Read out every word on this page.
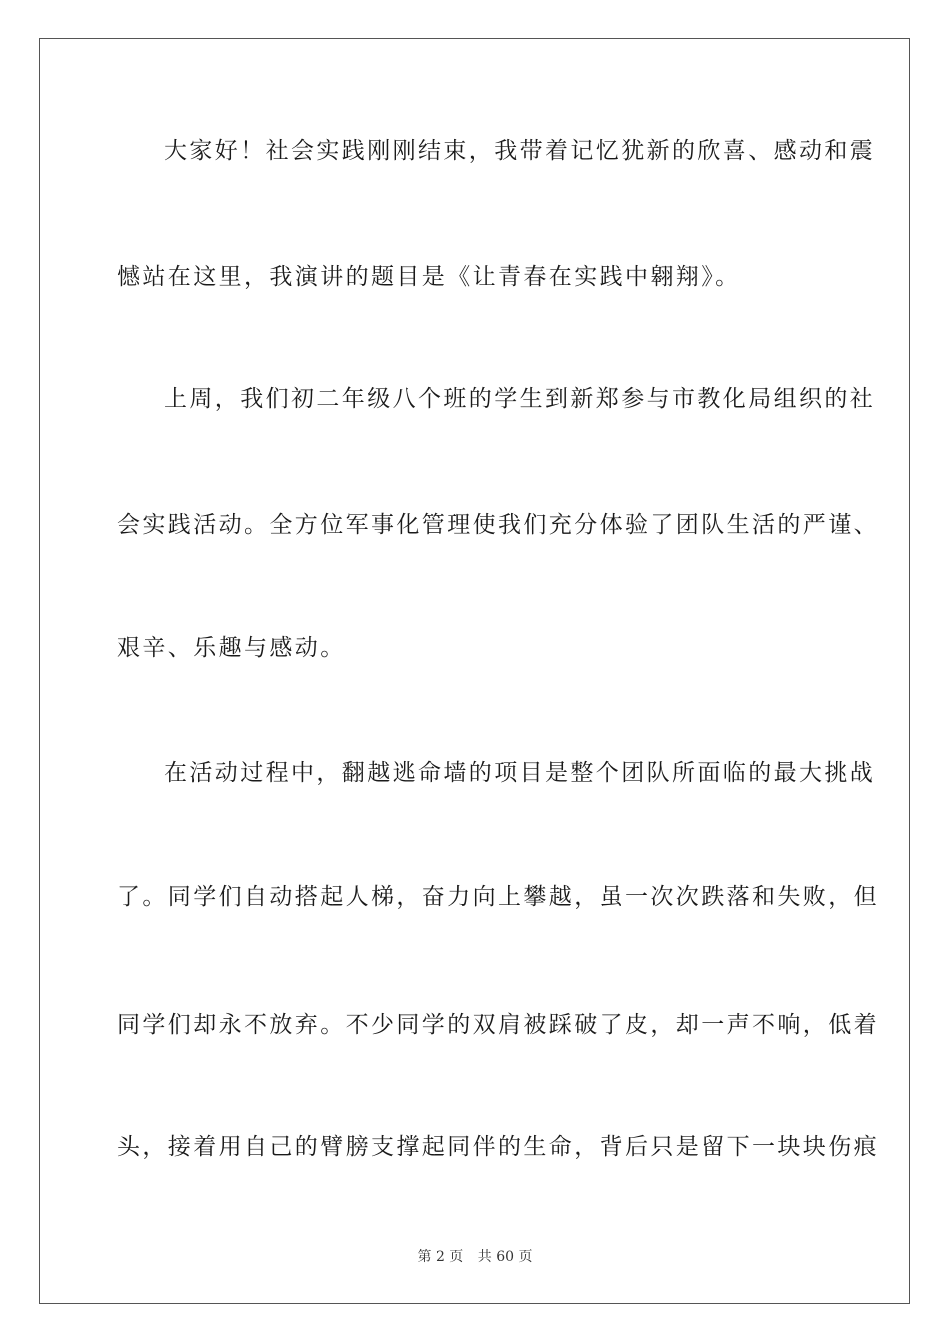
大家好！社会实践刚刚结束，我带着记忆犹新的欣喜、感动和震
憾站在这里，我演讲的题目是《让青春在实践中翱翔》。
上周，我们初二年级八个班的学生到新郑参与市教化局组织的社
会实践活动。全方位军事化管理使我们充分体验了团队生活的严谨、
艰辛、乐趣与感动。
在活动过程中，翻越逃命墙的项目是整个团队所面临的最大挑战
了。同学们自动搭起人梯，奋力向上攀越，虽一次次跌落和失败，但
同学们却永不放弃。不少同学的双肩被踩破了皮，却一声不响，低着
头，接着用自己的臂膀支撑起同伴的生命，背后只是留下一块块伤痕
第 2 页 共 60 页
